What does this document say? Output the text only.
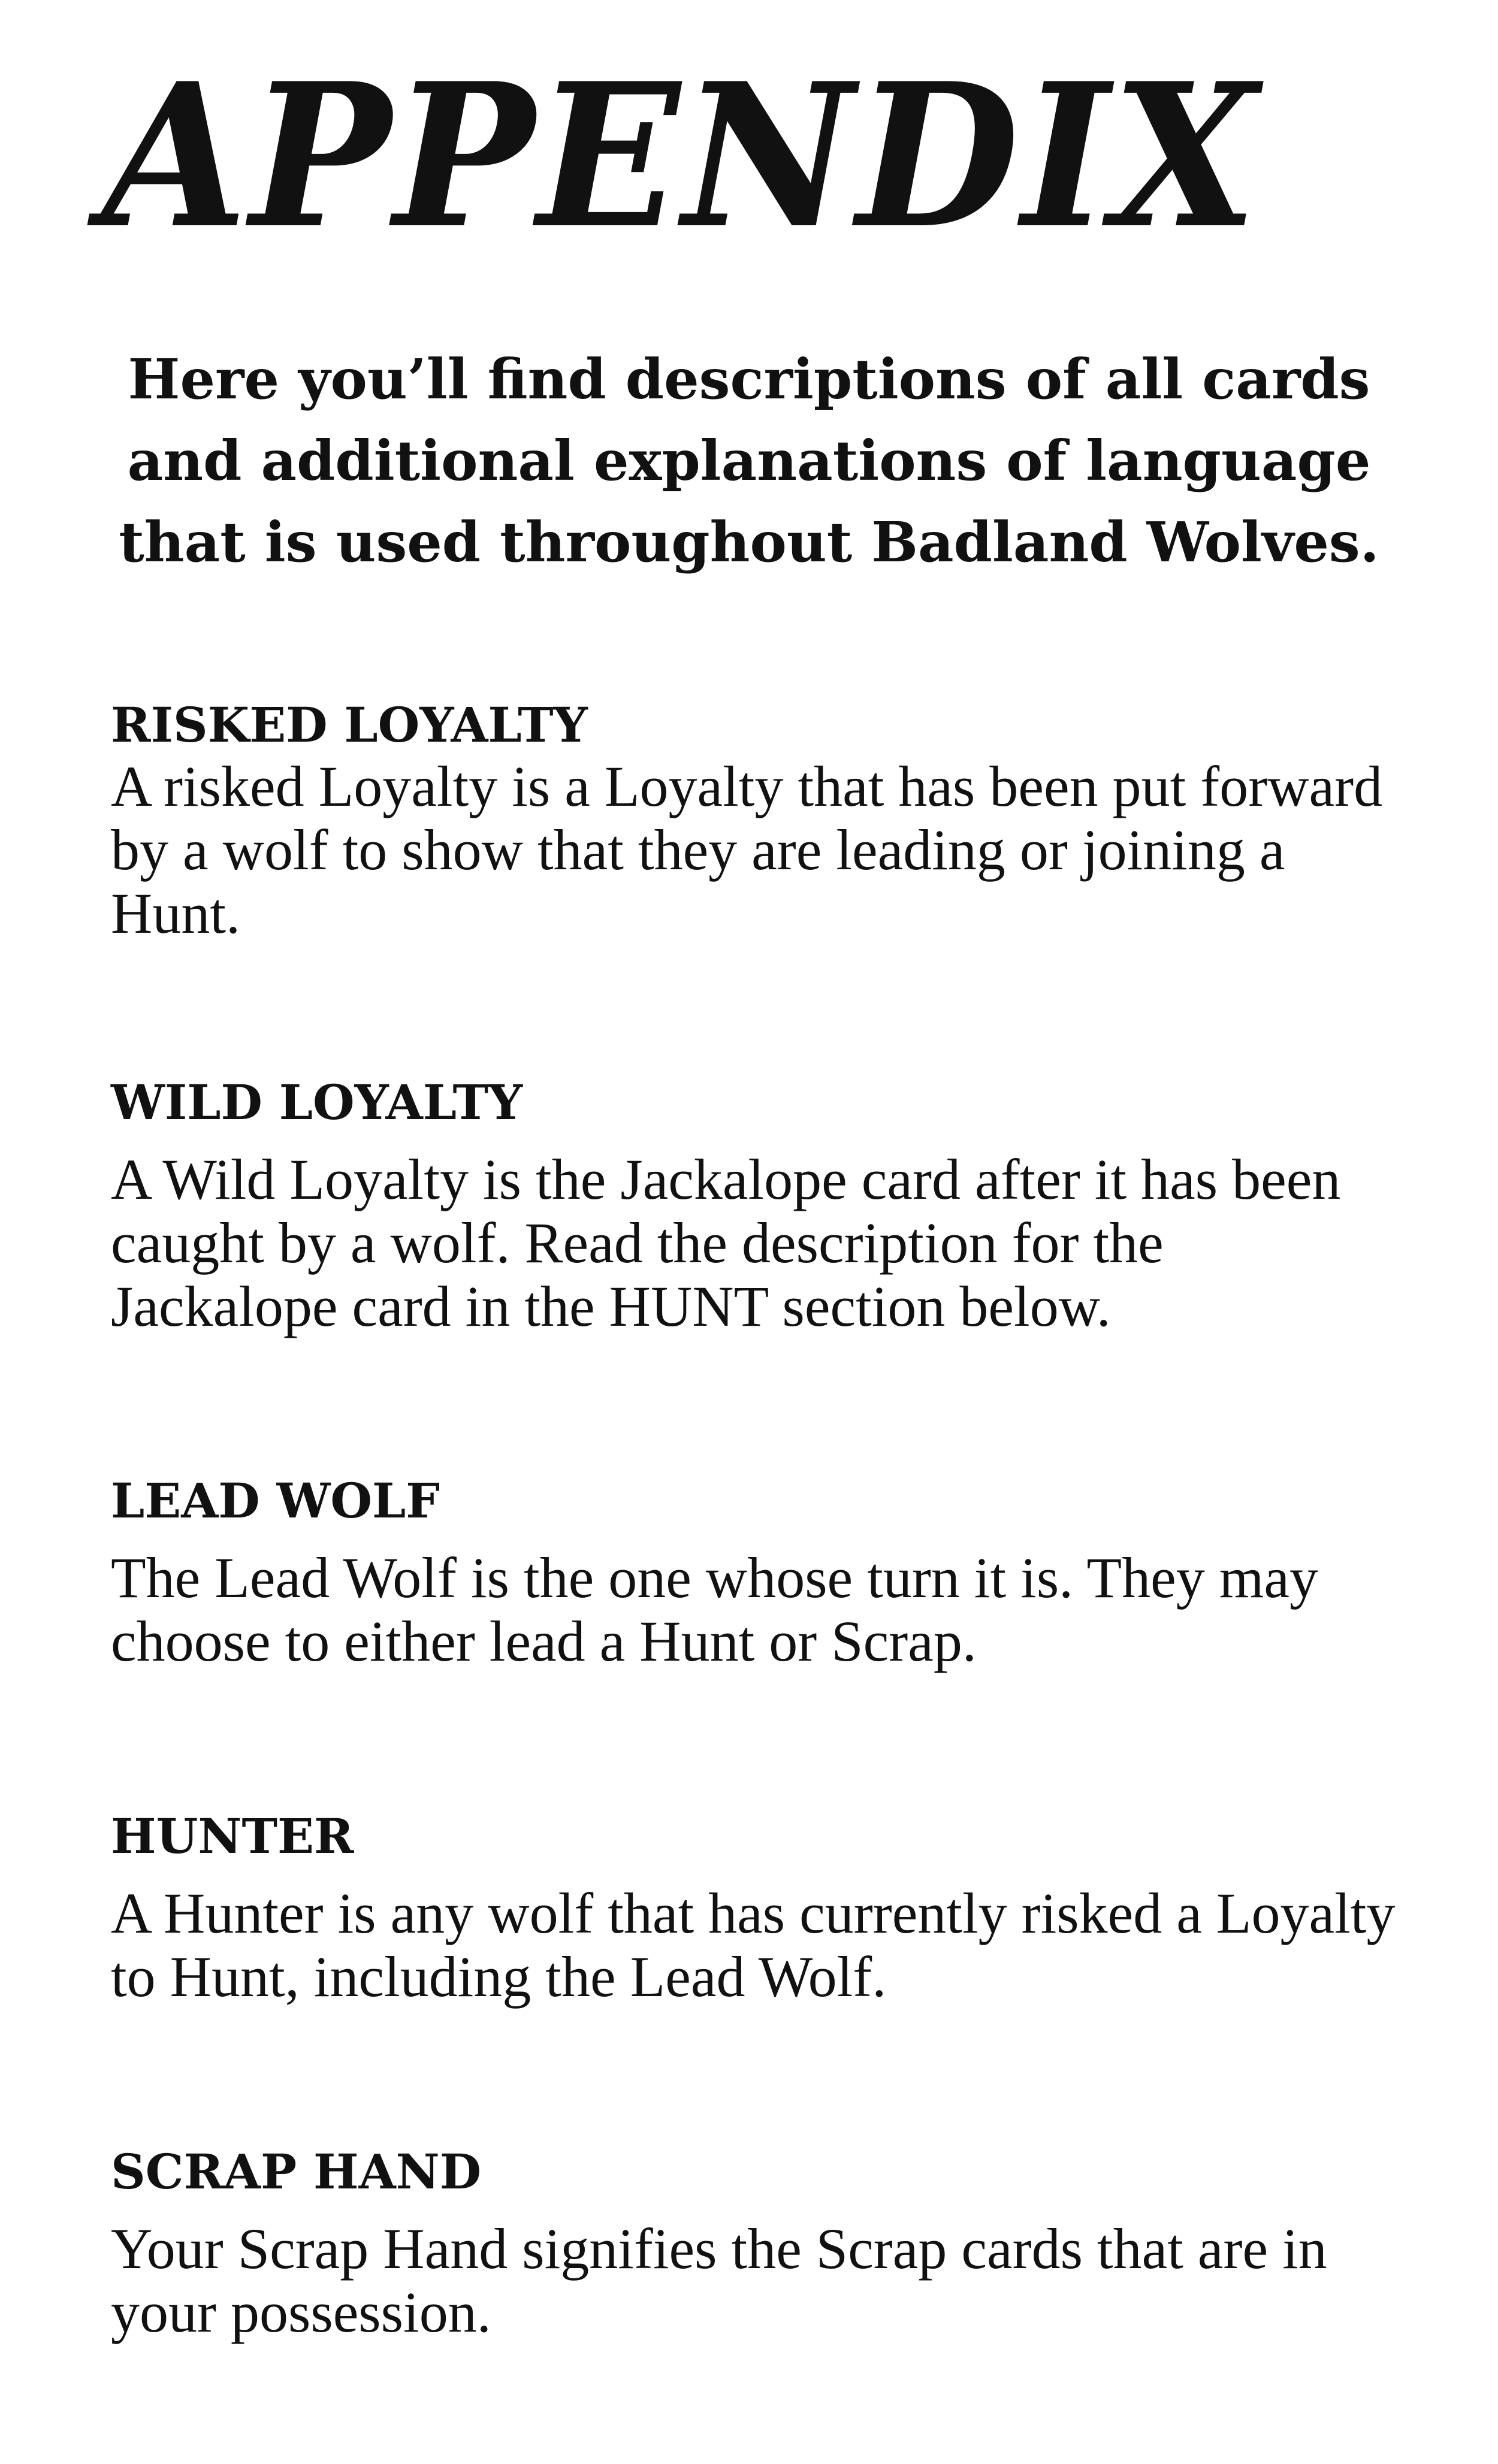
APPENDIX

Here you’ll find descriptions of all cards and additional explanations of language that is used throughout Badland Wolves.

RISKED LOYALTY

A risked Loyalty is a Loyalty that has been put forward by a wolf to show that they are leading or joining a Hunt.

WILD LOYALTY

A Wild Loyalty is the Jackalope card after it has been caught by a wolf. Read the description for the Jackalope card in the HUNT section below.

LEAD WOLF

The Lead Wolf is the one whose turn it is. They may choose to either lead a Hunt or Scrap.

HUNTER

A Hunter is any wolf that has currently risked a Loyalty to Hunt, including the Lead Wolf.

SCRAP HAND

Your Scrap Hand signifies the Scrap cards that are in your possession.
